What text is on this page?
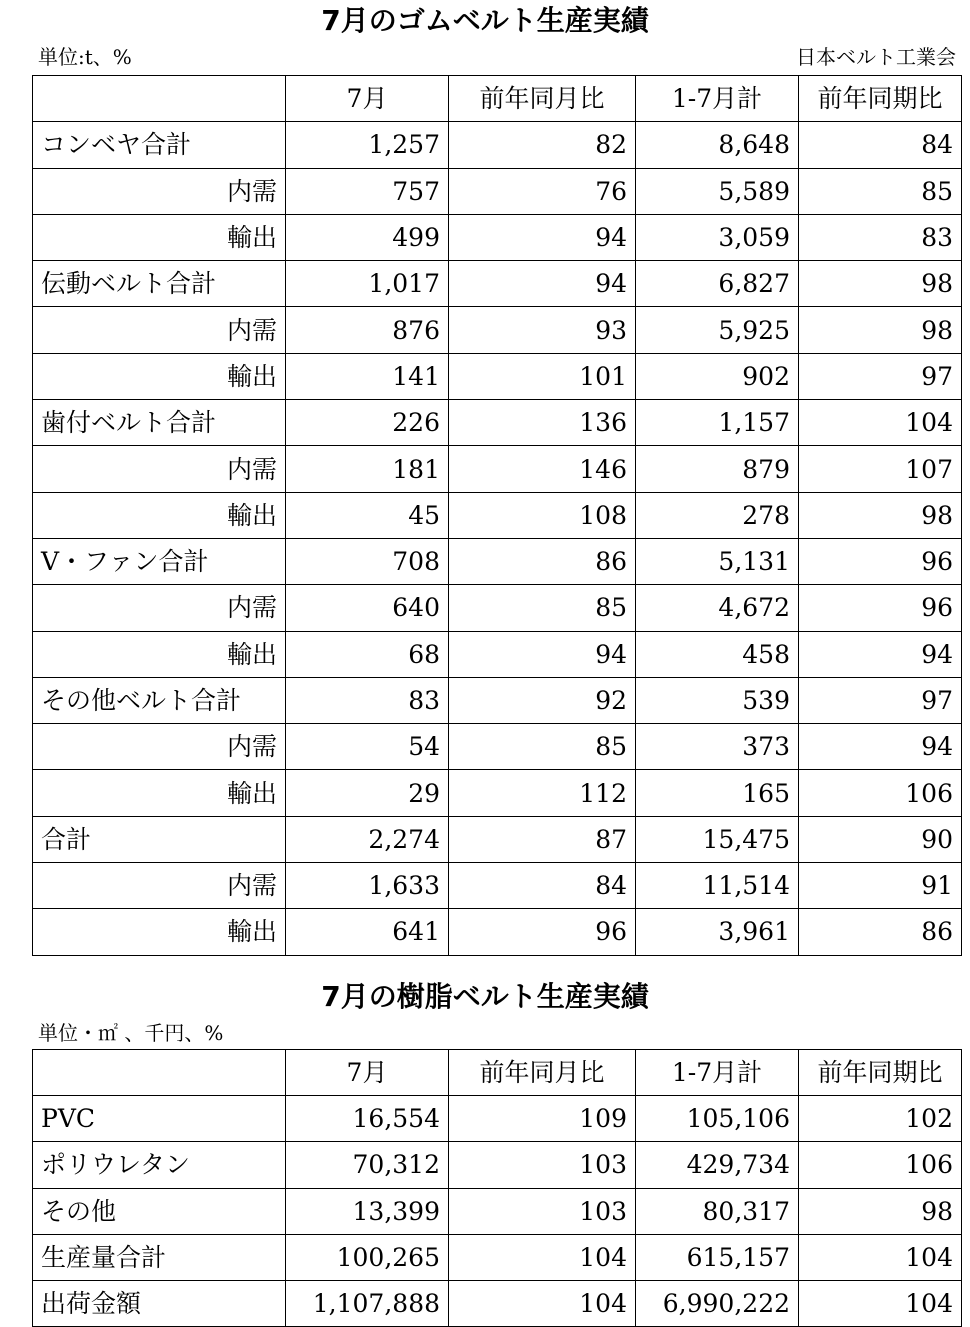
7月のゴムベルト生産実績
単位:t、%	日本ベルト工業会
	7月	前年同月比	1-7月計	前年同期比
コンベヤ合計	1,257	82	8,648	84
内需	757	76	5,589	85
輸出	499	94	3,059	83
伝動ベルト合計	1,017	94	6,827	98
内需	876	93	5,925	98
輸出	141	101	902	97
歯付ベルト合計	226	136	1,157	104
内需	181	146	879	107
輸出	45	108	278	98
V・ファン合計	708	86	5,131	96
内需	640	85	4,672	96
輸出	68	94	458	94
その他ベルト合計	83	92	539	97
内需	54	85	373	94
輸出	29	112	165	106
合計	2,274	87	15,475	90
内需	1,633	84	11,514	91
輸出	641	96	3,961	86
7月の樹脂ベルト生産実績
単位・㎡ 、千円、%
	7月	前年同月比	1-7月計	前年同期比
PVC	16,554	109	105,106	102
ポリウレタン	70,312	103	429,734	106
その他	13,399	103	80,317	98
生産量合計	100,265	104	615,157	104
出荷金額	1,107,888	104	6,990,222	104
